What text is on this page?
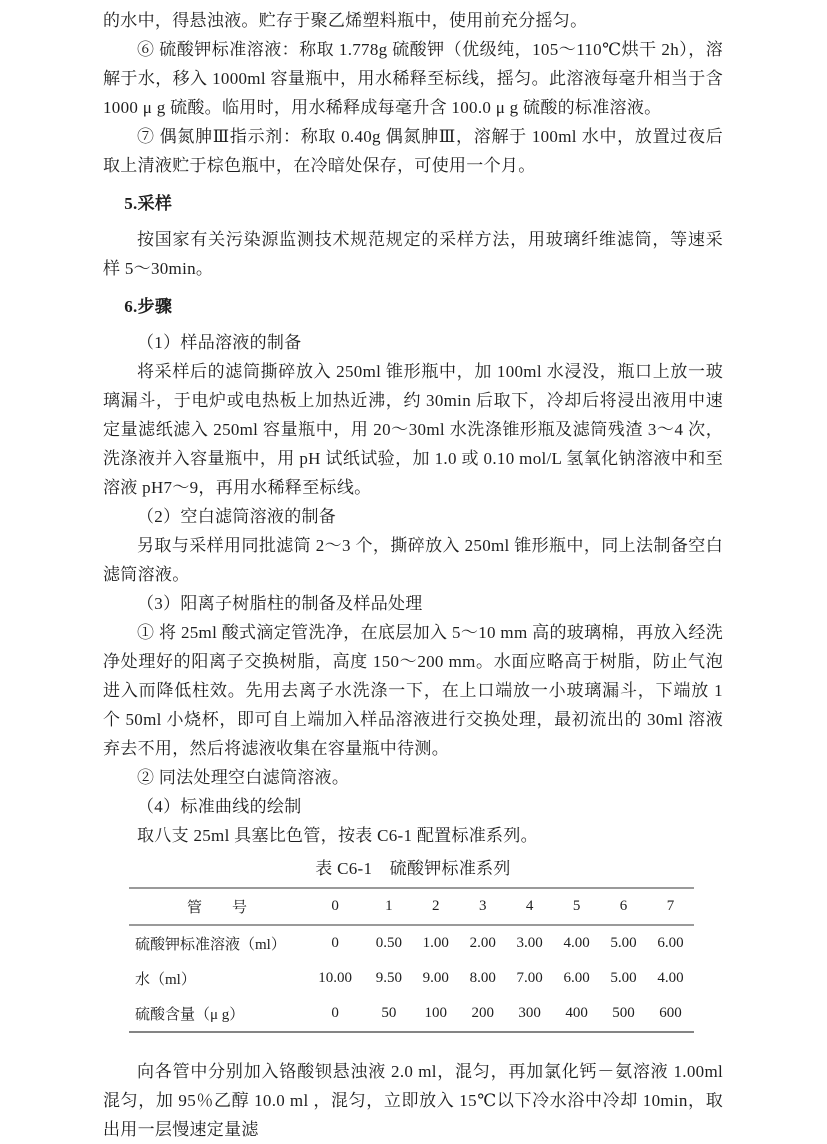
的水中，得悬浊液。贮存于聚乙烯塑料瓶中，使用前充分摇匀。

⑥ 硫酸钾标准溶液：称取 1.778g 硫酸钾（优级纯，105～110℃烘干 2h），溶解于水，移入 1000ml 容量瓶中，用水稀释至标线，摇匀。此溶液每毫升相当于含 1000 μ g 硫酸。临用时，用水稀释成每毫升含 100.0 μ g 硫酸的标准溶液。

⑦ 偶氮胂Ⅲ指示剂：称取 0.40g 偶氮胂Ⅲ，溶解于 100ml 水中，放置过夜后取上清液贮于棕色瓶中，在冷暗处保存，可使用一个月。

5.采样

按国家有关污染源监测技术规范规定的采样方法，用玻璃纤维滤筒，等速采样 5～30min。

6.步骤

（1）样品溶液的制备

将采样后的滤筒撕碎放入 250ml 锥形瓶中，加 100ml 水浸没，瓶口上放一玻璃漏斗，于电炉或电热板上加热近沸，约 30min 后取下，冷却后将浸出液用中速定量滤纸滤入 250ml 容量瓶中，用 20～30ml 水洗涤锥形瓶及滤筒残渣 3～4 次，洗涤液并入容量瓶中，用 pH 试纸试验，加 1.0 或 0.10 mol/L 氢氧化钠溶液中和至溶液 pH7～9，再用水稀释至标线。

（2）空白滤筒溶液的制备

另取与采样用同批滤筒 2～3 个，撕碎放入 250ml 锥形瓶中，同上法制备空白滤筒溶液。

（3）阳离子树脂柱的制备及样品处理

① 将 25ml 酸式滴定管洗净，在底层加入 5～10 mm 高的玻璃棉，再放入经洗净处理好的阳离子交换树脂，高度 150～200 mm。水面应略高于树脂，防止气泡进入而降低柱效。先用去离子水洗涤一下，在上口端放一小玻璃漏斗，下端放 1 个 50ml 小烧杯，即可自上端加入样品溶液进行交换处理，最初流出的 30ml 溶液弃去不用，然后将滤液收集在容量瓶中待测。

② 同法处理空白滤筒溶液。

（4）标准曲线的绘制

取八支 25ml 具塞比色管，按表 C6-1 配置标准系列。

表 C6-1　硫酸钾标准系列

管　　号	0	1	2	3	4	5	6	7
硫酸钾标准溶液（ml）	0	0.50	1.00	2.00	3.00	4.00	5.00	6.00
水（ml）	10.00	9.50	9.00	8.00	7.00	6.00	5.00	4.00
硫酸含量（μ g）	0	50	100	200	300	400	500	600

向各管中分别加入铬酸钡悬浊液 2.0 ml，混匀，再加氯化钙－氨溶液 1.00ml 混匀，加 95％乙醇 10.0 ml ，混匀，立即放入 15℃以下冷水浴中冷却 10min，取出用一层慢速定量滤
